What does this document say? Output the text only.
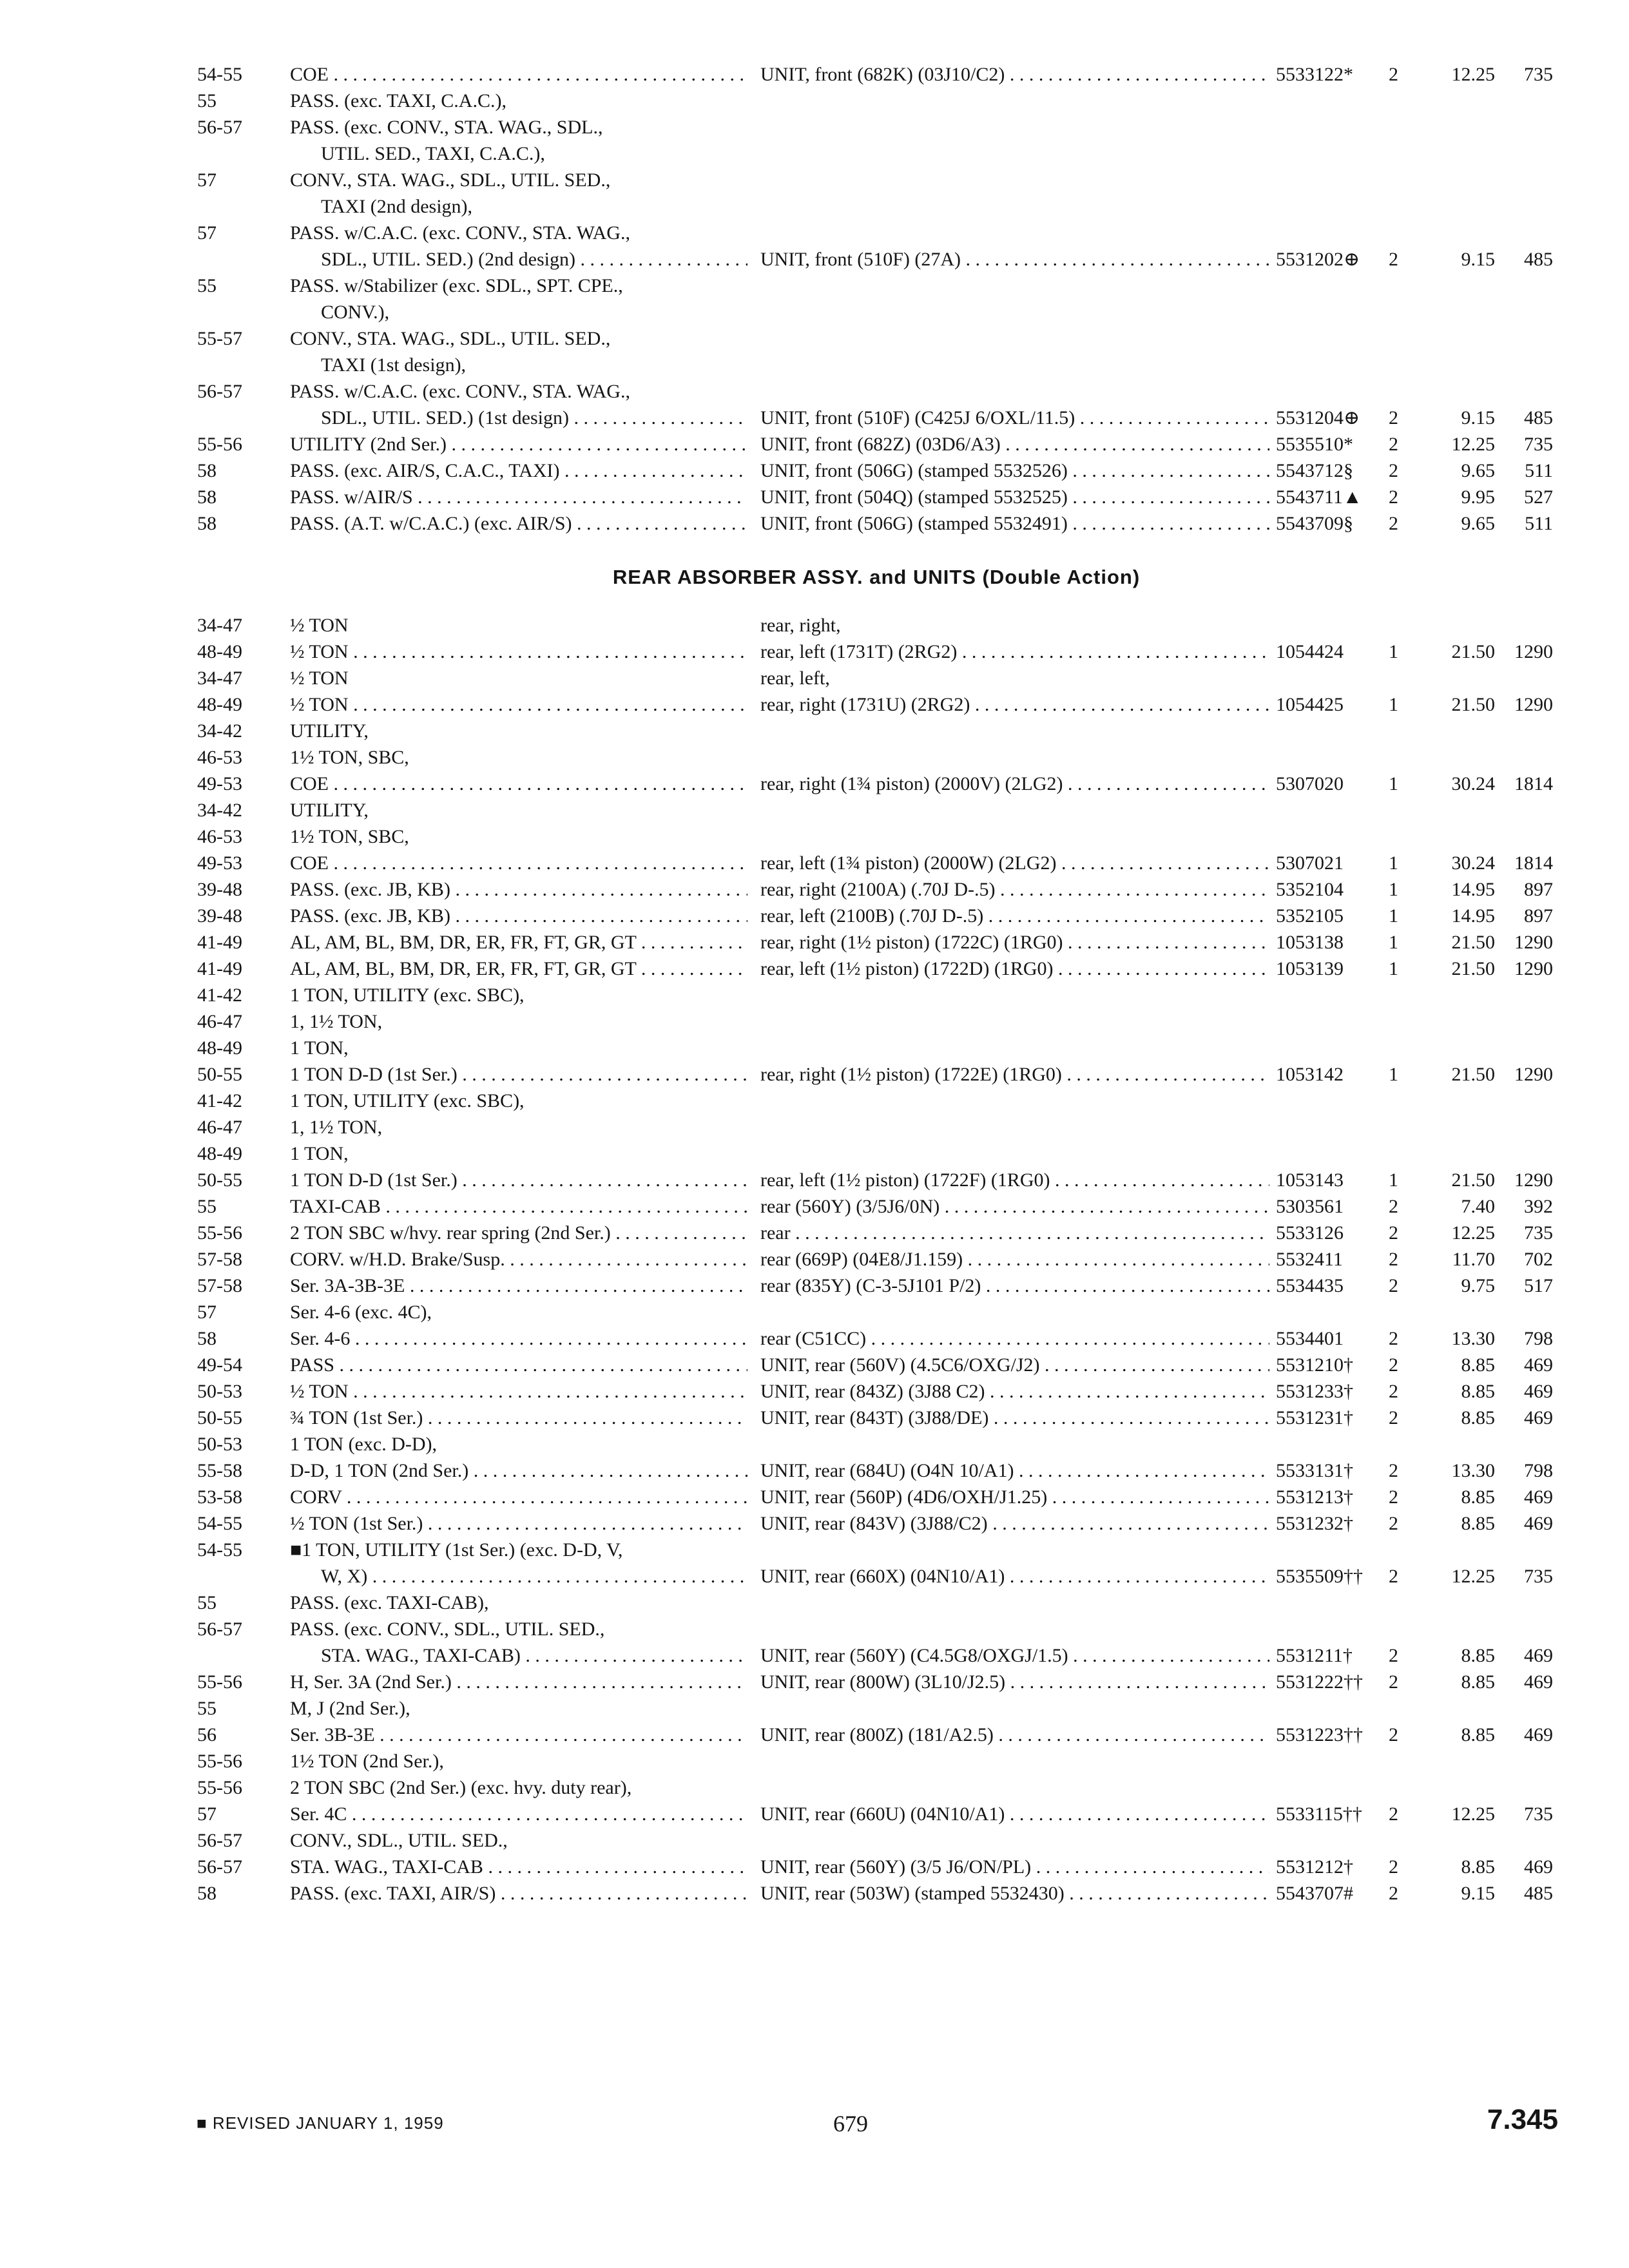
54-55	COE . . .	UNIT, front (682K) (03J10/C2) . . .	5533122*	2	12.25	735
55	PASS. (exc. TAXI, C.A.C.),
56-57	PASS. (exc. CONV., STA. WAG., SDL.,
UTIL. SED., TAXI, C.A.C.),
57	CONV., STA. WAG., SDL., UTIL. SED.,
TAXI (2nd design),
57	PASS. w/C.A.C. (exc. CONV., STA. WAG.,
SDL., UTIL. SED.) (2nd design) . . .	UNIT, front (510F) (27A) . . .	5531202⊕	2	9.15	485
55	PASS. w/Stabilizer (exc. SDL., SPT. CPE.,
CONV.),
55-57	CONV., STA. WAG., SDL., UTIL. SED.,
TAXI (1st design),
56-57	PASS. w/C.A.C. (exc. CONV., STA. WAG.,
SDL., UTIL. SED.) (1st design) . . .	UNIT, front (510F) (C425J 6/OXL/11.5) . . .	5531204⊕	2	9.15	485
55-56	UTILITY (2nd Ser.) . . .	UNIT, front (682Z) (03D6/A3) . . .	5535510*	2	12.25	735
58	PASS. (exc. AIR/S, C.A.C., TAXI) . . .	UNIT, front (506G) (stamped 5532526) . . .	5543712§	2	9.65	511
58	PASS. w/AIR/S . . .	UNIT, front (504Q) (stamped 5532525) . . .	5543711▲	2	9.95	527
58	PASS. (A.T. w/C.A.C.) (exc. AIR/S) . . .	UNIT, front (506G) (stamped 5532491) . . .	5543709§	2	9.65	511
REAR ABSORBER ASSY. and UNITS (Double Action)
34-47	½ TON	rear, right,
48-49	½ TON . . .	rear, left (1731T) (2RG2) . . .	1054424	1	21.50	1290
34-47	½ TON	rear, left,
48-49	½ TON . . .	rear, right (1731U) (2RG2) . . .	1054425	1	21.50	1290
34-42	UTILITY,
46-53	1½ TON, SBC,
49-53	COE . . .	rear, right (1¾ piston) (2000V) (2LG2) . . .	5307020	1	30.24	1814
34-42	UTILITY,
46-53	1½ TON, SBC,
49-53	COE . . .	rear, left (1¾ piston) (2000W) (2LG2) . . .	5307021	1	30.24	1814
39-48	PASS. (exc. JB, KB) . . .	rear, right (2100A) (.70J D-.5) . . .	5352104	1	14.95	897
39-48	PASS. (exc. JB, KB) . . .	rear, left (2100B) (.70J D-.5) . . .	5352105	1	14.95	897
41-49	AL, AM, BL, BM, DR, ER, FR, FT, GR, GT . . .	rear, right (1½ piston) (1722C) (1RG0) . . .	1053138	1	21.50	1290
41-49	AL, AM, BL, BM, DR, ER, FR, FT, GR, GT . . .	rear, left (1½ piston) (1722D) (1RG0) . . .	1053139	1	21.50	1290
41-42	1 TON, UTILITY (exc. SBC),
46-47	1, 1½ TON,
48-49	1 TON,
50-55	1 TON D-D (1st Ser.) . . .	rear, right (1½ piston) (1722E) (1RG0) . . .	1053142	1	21.50	1290
41-42	1 TON, UTILITY (exc. SBC),
46-47	1, 1½ TON,
48-49	1 TON,
50-55	1 TON D-D (1st Ser.) . . .	rear, left (1½ piston) (1722F) (1RG0) . . .	1053143	1	21.50	1290
55	TAXI-CAB . . .	rear (560Y) (3/5J6/0N) . . .	5303561	2	7.40	392
55-56	2 TON SBC w/hvy. rear spring (2nd Ser.) . . .	rear . . .	5533126	2	12.25	735
57-58	CORV. w/H.D. Brake/Susp. . . .	rear (669P) (04E8/J1.159) . . .	5532411	2	11.70	702
57-58	Ser. 3A-3B-3E . . .	rear (835Y) (C-3-5J101 P/2) . . .	5534435	2	9.75	517
57	Ser. 4-6 (exc. 4C),
58	Ser. 4-6 . . .	rear (C51CC) . . .	5534401	2	13.30	798
49-54	PASS . . .	UNIT, rear (560V) (4.5C6/OXG/J2) . . .	5531210†	2	8.85	469
50-53	½ TON . . .	UNIT, rear (843Z) (3J88 C2) . . .	5531233†	2	8.85	469
50-55	¾ TON (1st Ser.) . . .	UNIT, rear (843T) (3J88/DE) . . .	5531231†	2	8.85	469
50-53	1 TON (exc. D-D),
55-58	D-D, 1 TON (2nd Ser.) . . .	UNIT, rear (684U) (O4N 10/A1) . . .	5533131†	2	13.30	798
53-58	CORV . . .	UNIT, rear (560P) (4D6/OXH/J1.25) . . .	5531213†	2	8.85	469
54-55	½ TON (1st Ser.) . . .	UNIT, rear (843V) (3J88/C2) . . .	5531232†	2	8.85	469
54-55	■1 TON, UTILITY (1st Ser.) (exc. D-D, V,
W, X) . . .	UNIT, rear (660X) (04N10/A1) . . .	5535509††	2	12.25	735
55	PASS. (exc. TAXI-CAB),
56-57	PASS. (exc. CONV., SDL., UTIL. SED.,
STA. WAG., TAXI-CAB) . . .	UNIT, rear (560Y) (C4.5G8/OXGJ/1.5) . . .	5531211†	2	8.85	469
55-56	H, Ser. 3A (2nd Ser.) . . .	UNIT, rear (800W) (3L10/J2.5) . . .	5531222††	2	8.85	469
55	M, J (2nd Ser.),
56	Ser. 3B-3E . . .	UNIT, rear (800Z) (181/A2.5) . . .	5531223††	2	8.85	469
55-56	1½ TON (2nd Ser.),
55-56	2 TON SBC (2nd Ser.) (exc. hvy. duty rear),
57	Ser. 4C . . .	UNIT, rear (660U) (04N10/A1) . . .	5533115††	2	12.25	735
56-57	CONV., SDL., UTIL. SED.,
56-57	STA. WAG., TAXI-CAB . . .	UNIT, rear (560Y) (3/5 J6/ON/PL) . . .	5531212†	2	8.85	469
58	PASS. (exc. TAXI, AIR/S) . . .	UNIT, rear (503W) (stamped 5532430) . . .	5543707#	2	9.15	485
■ REVISED JANUARY 1, 1959	679	7.345
